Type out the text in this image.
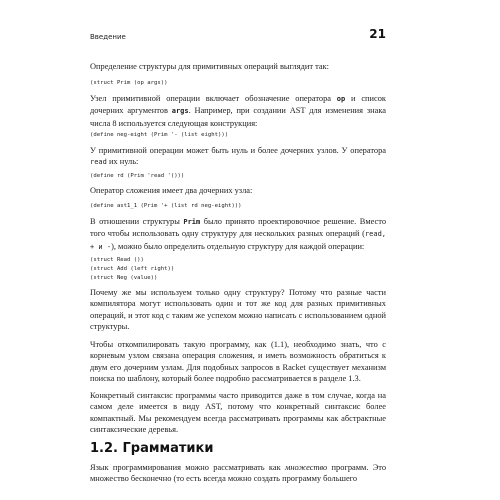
Введение	21

Определение структуры для примитивных операций выглядит так:

(struct Prim (op args))

Узел примитивной операции включает обозначение оператора op и список дочерних аргументов args. Например, при создании AST для изменения знака числа 8 используется следующая конструкция:

(define neg-eight (Prim '- (list eight)))

У примитивной операции может быть нуль и более дочерних узлов. У оператора read их нуль:

(define rd (Prim 'read '()))

Оператор сложения имеет два дочерних узла:

(define ast1_1 (Prim '+ (list rd neg-eight)))

В отношении структуры Prim было принято проектировочное решение. Вместо того чтобы использовать одну структуру для нескольких разных операций (read, + и -), можно было определить отдельную структуру для каждой операции:

(struct Read ())
(struct Add (left right))
(struct Neg (value))

Почему же мы используем только одну структуру? Потому что разные части компилятора могут использовать один и тот же код для разных примитивных операций, и этот код с таким же успехом можно написать с использованием одной структуры.

Чтобы откомпилировать такую программу, как (1.1), необходимо знать, что с корневым узлом связана операция сложения, и иметь возможность обратиться к двум его дочерним узлам. Для подобных запросов в Racket существует механизм поиска по шаблону, который более подробно рассматривается в разделе 1.3.

Конкретный синтаксис программы часто приводится даже в том случае, когда на самом деле имеется в виду AST, потому что конкретный синтаксис более компактный. Мы рекомендуем всегда рассматривать программы как абстрактные синтаксические деревья.

1.2. Грамматики

Язык программирования можно рассматривать как множество программ. Это множество бесконечно (то есть всегда можно создать программу большего
